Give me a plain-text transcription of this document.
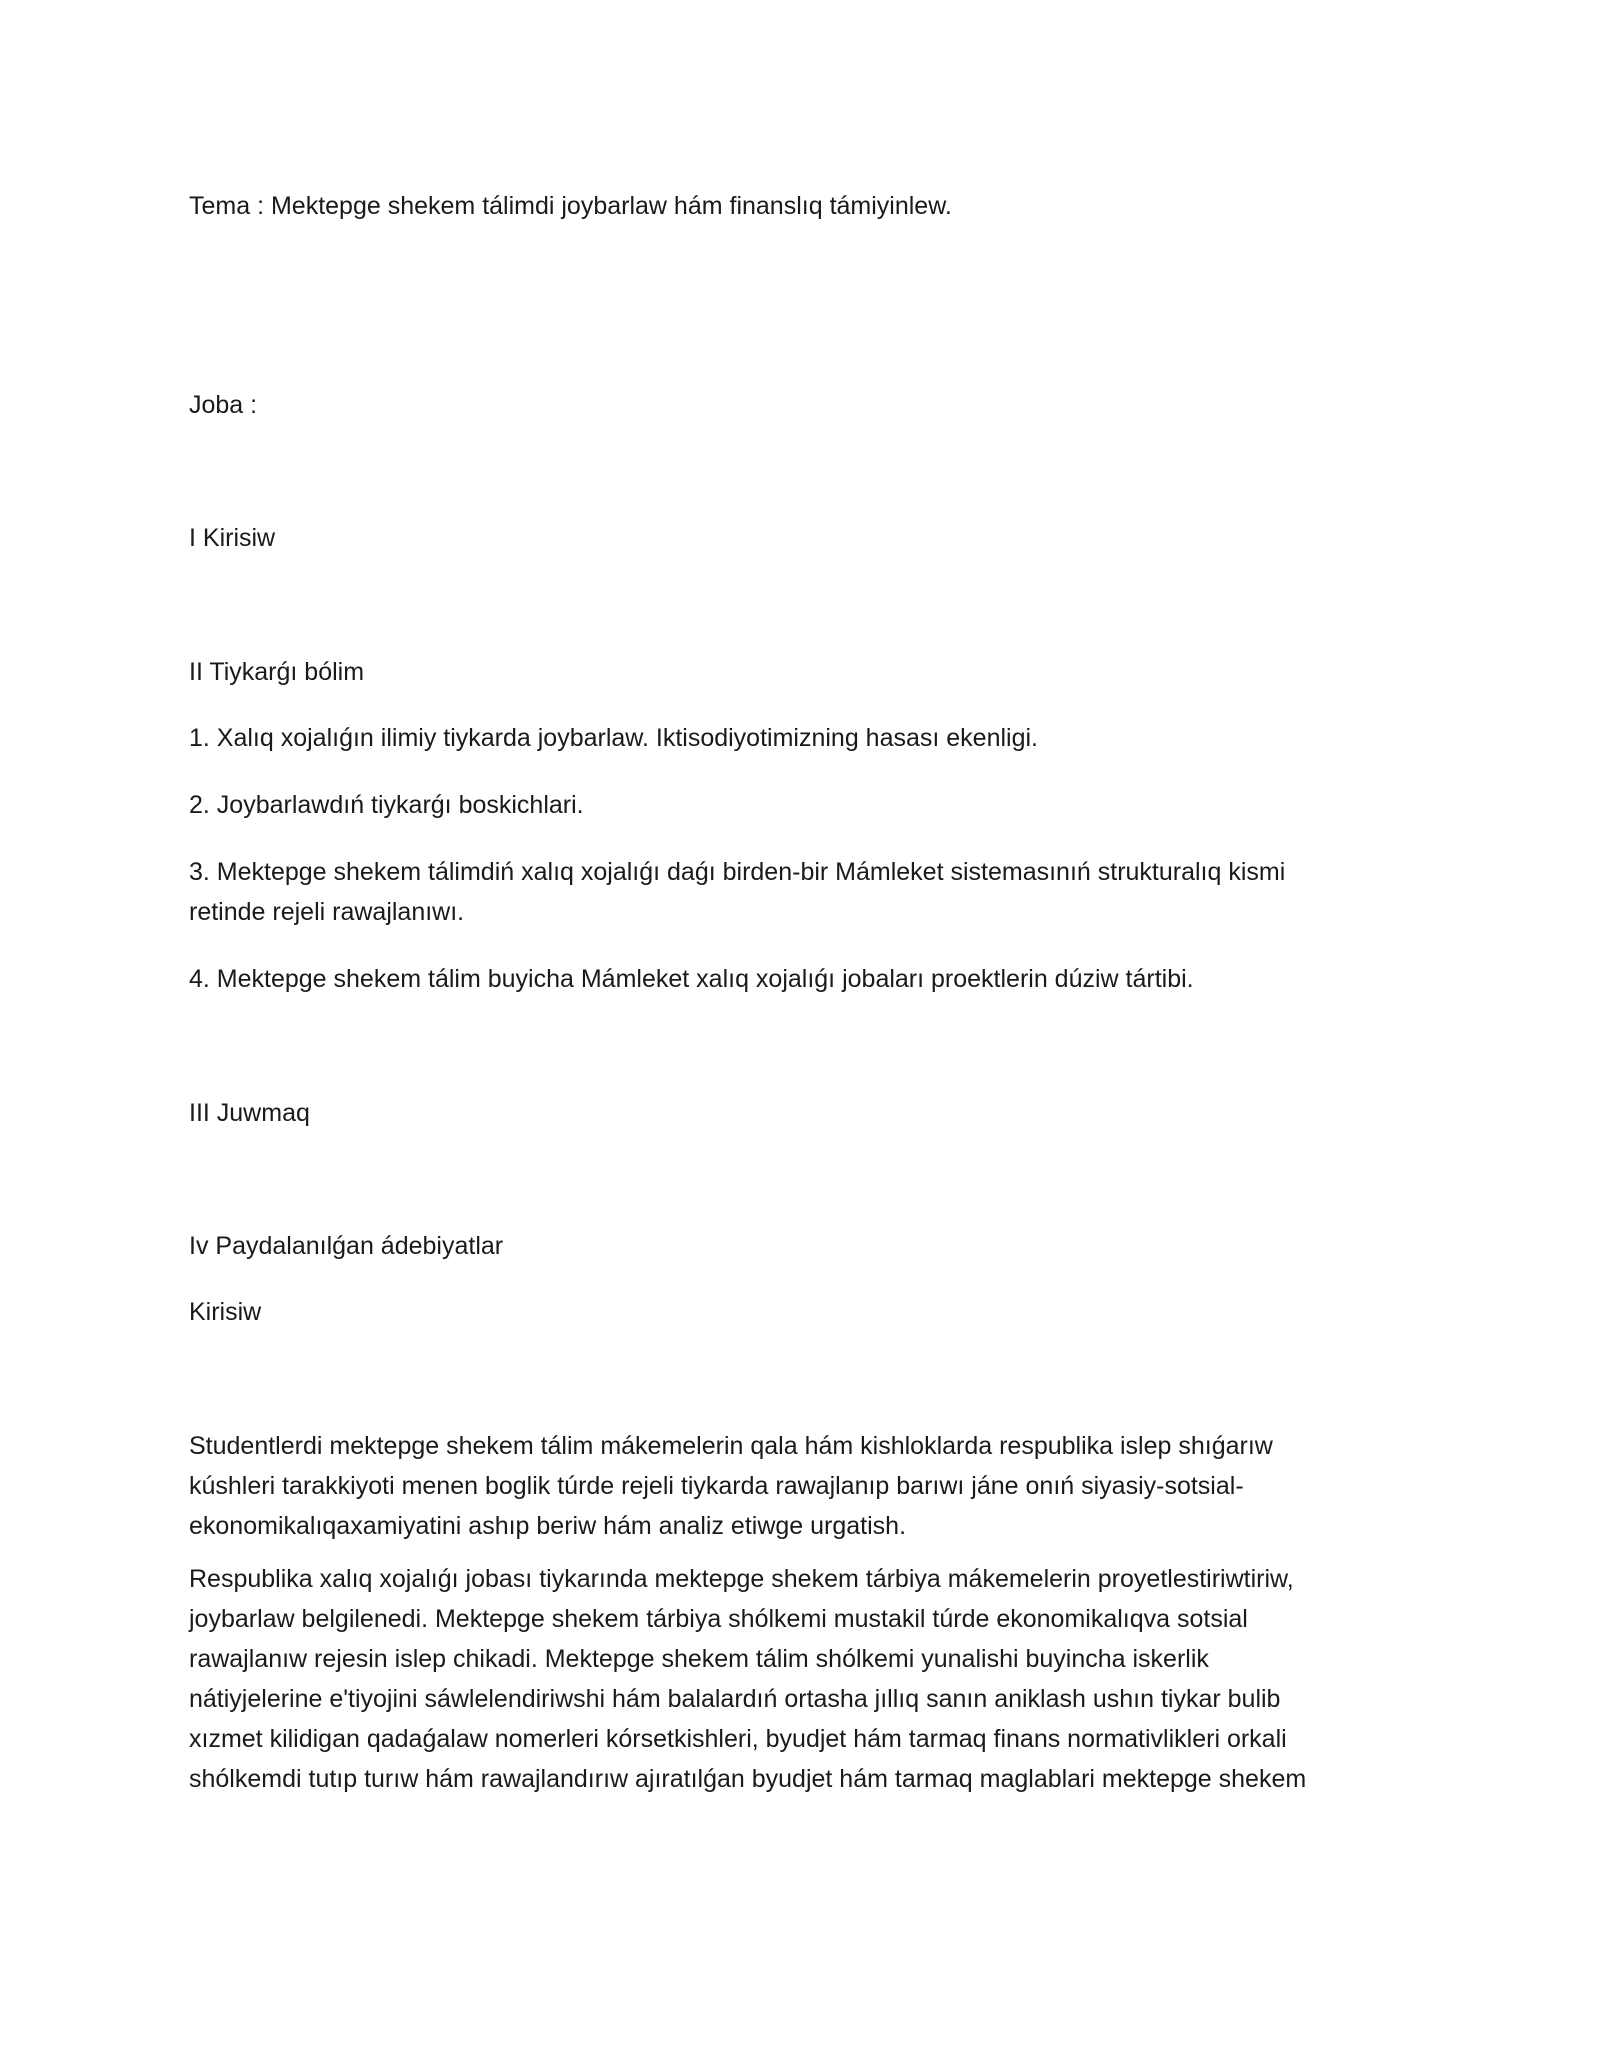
Tema : Mektepge shekem tálimdi joybarlaw hám finanslıq támiyinlew.

Joba :

I Kirisiw

II Tiykarǵı bólim

1. Xalıq xojalıǵın ilimiy tiykarda joybarlaw. Iktisodiyotimizning hasası ekenligi.

2. Joybarlawdıń tiykarǵı boskichlari.

3. Mektepge shekem tálimdiń xalıq xojalıǵı daǵı birden-bir Mámleket sistemasınıń strukturalıq kismi

retinde rejeli rawajlanıwı.

4. Mektepge shekem tálim buyicha Mámleket xalıq xojalıǵı jobaları proektlerin dúziw tártibi.

III Juwmaq

Iv Paydalanılǵan ádebiyatlar

Kirisiw

Studentlerdi mektepge shekem tálim mákemelerin qala hám kishloklarda respublika islep shıǵarıw
kúshleri tarakkiyoti menen boglik túrde rejeli tiykarda rawajlanıp barıwı jáne onıń siyasiy-sotsial-
ekonomikalıqaxamiyatini ashıp beriw hám analiz etiwge urgatish.
Respublika xalıq xojalıǵı jobası tiykarında mektepge shekem tárbiya mákemelerin proyetlestiriwtiriw,
joybarlaw belgilenedi. Mektepge shekem tárbiya shólkemi mustakil túrde ekonomikalıqva sotsial
rawajlanıw rejesin islep chikadi. Mektepge shekem tálim shólkemi yunalishi buyincha iskerlik
nátiyjelerine e'tiyojini sáwlelendiriwshi hám balalardıń ortasha jıllıq sanın aniklash ushın tiykar bulib
xızmet kilidigan qadaǵalaw nomerleri kórsetkishleri, byudjet hám tarmaq finans normativlikleri orkali
shólkemdi tutıp turıw hám rawajlandırıw ajıratılǵan byudjet hám tarmaq maglablari mektepge shekem
